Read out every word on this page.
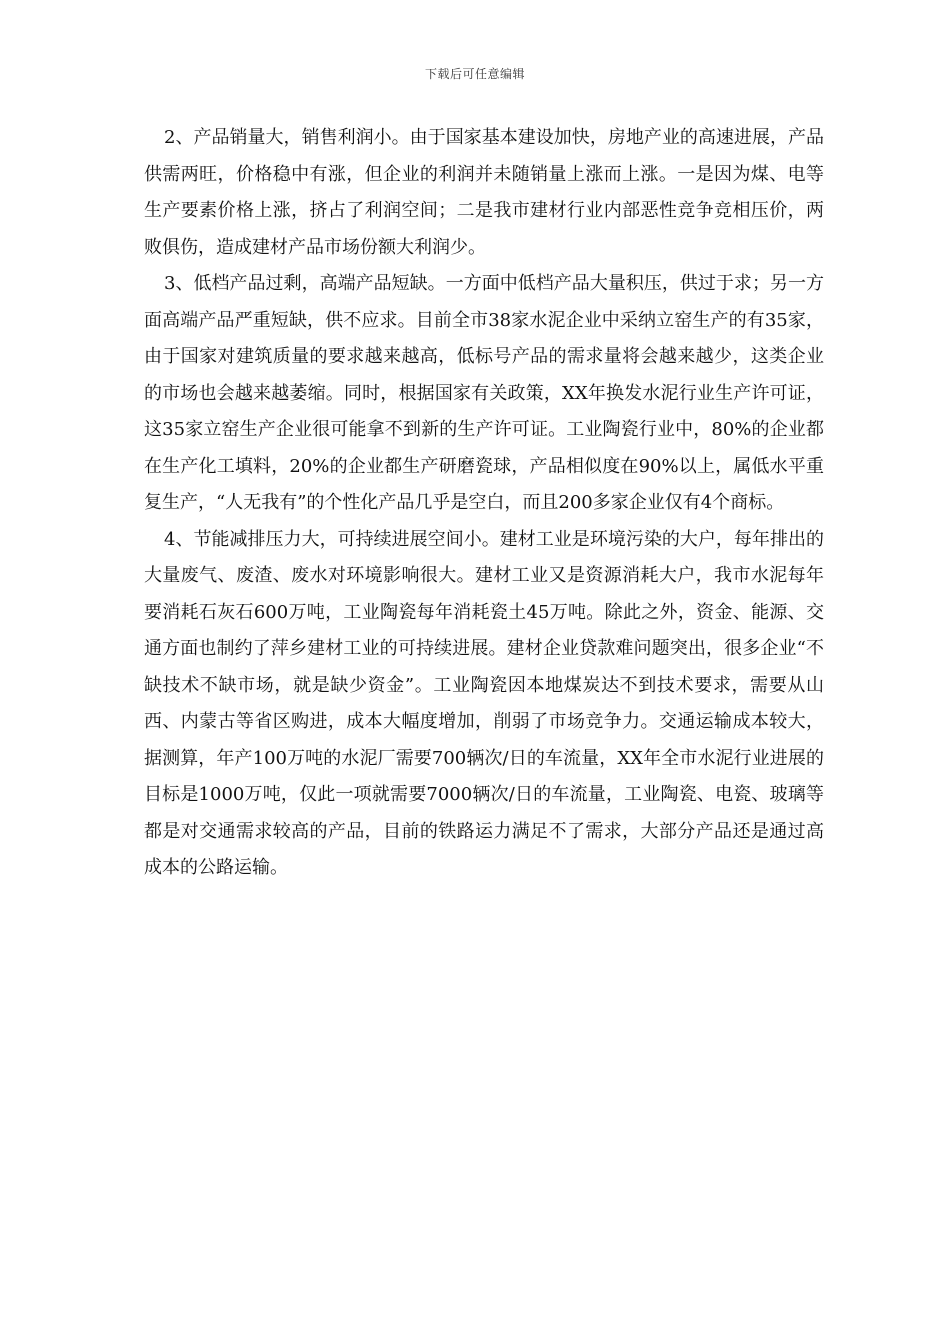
下载后可任意编辑

2、产品销量大，销售利润小。由于国家基本建设加快，房地产业的高速进展，产品供需两旺，价格稳中有涨，但企业的利润并未随销量上涨而上涨。一是因为煤、电等生产要素价格上涨，挤占了利润空间；二是我市建材行业内部恶性竞争竞相压价，两败俱伤，造成建材产品市场份额大利润少。

3、低档产品过剩，高端产品短缺。一方面中低档产品大量积压，供过于求；另一方面高端产品严重短缺，供不应求。目前全市38家水泥企业中采纳立窑生产的有35家，由于国家对建筑质量的要求越来越高，低标号产品的需求量将会越来越少，这类企业的市场也会越来越萎缩。同时，根据国家有关政策，XX年换发水泥行业生产许可证，这35家立窑生产企业很可能拿不到新的生产许可证。工业陶瓷行业中，80%的企业都在生产化工填料，20%的企业都生产研磨瓷球，产品相似度在90%以上，属低水平重复生产，“人无我有”的个性化产品几乎是空白，而且200多家企业仅有4个商标。

4、节能减排压力大，可持续进展空间小。建材工业是环境污染的大户，每年排出的大量废气、废渣、废水对环境影响很大。建材工业又是资源消耗大户，我市水泥每年要消耗石灰石600万吨，工业陶瓷每年消耗瓷土45万吨。除此之外，资金、能源、交通方面也制约了萍乡建材工业的可持续进展。建材企业贷款难问题突出，很多企业“不缺技术不缺市场，就是缺少资金”。工业陶瓷因本地煤炭达不到技术要求，需要从山西、内蒙古等省区购进，成本大幅度增加，削弱了市场竞争力。交通运输成本较大，据测算，年产100万吨的水泥厂需要700辆次/日的车流量，XX年全市水泥行业进展的目标是1000万吨，仅此一项就需要7000辆次/日的车流量，工业陶瓷、电瓷、玻璃等都是对交通需求较高的产品，目前的铁路运力满足不了需求，大部分产品还是通过高成本的公路运输。
